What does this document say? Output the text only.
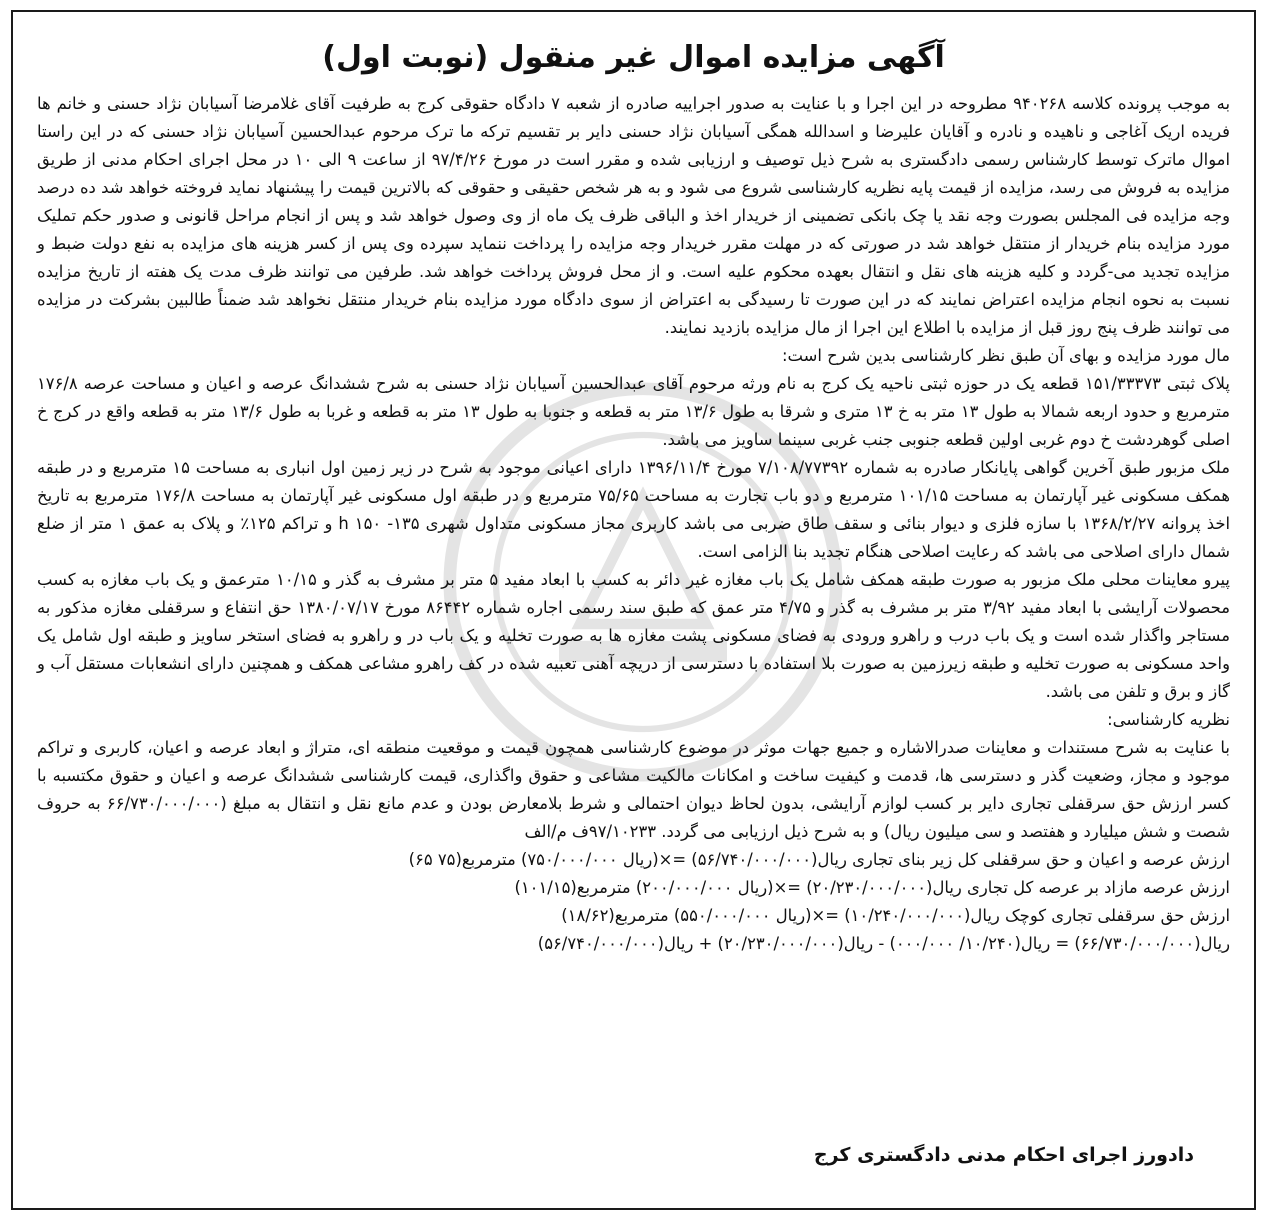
آگهی مزایده اموال غیر منقول (نوبت اول)

به موجب پرونده کلاسه ۹۴۰۲۶۸ مطروحه در این اجرا و با عنایت به صدور اجراییه صادره از شعبه ۷ دادگاه حقوقی کرج به طرفیت آقای غلامرضا آسیابان نژاد حسنی و خانم ها فریده اریک آغاجی و ناهیده و نادره و آقایان علیرضا و اسدالله همگی آسیابان نژاد حسنی دایر بر تقسیم ترکه ما ترک مرحوم عبدالحسین آسیابان نژاد حسنی که در این راستا اموال ماترک توسط کارشناس رسمی دادگستری به شرح ذیل توصیف و ارزیابی شده و مقرر است در مورخ ۹۷/۴/۲۶ از ساعت ۹ الی ۱۰ در محل اجرای احکام مدنی از طریق مزایده به فروش می رسد، مزایده از قیمت پایه نظریه کارشناسی شروع می شود و به هر شخص حقیقی و حقوقی که بالاترین قیمت را پیشنهاد نماید فروخته خواهد شد ده درصد وجه مزایده فی المجلس بصورت وجه نقد یا چک بانکی تضمینی از خریدار اخذ و الباقی ظرف یک ماه از وی وصول خواهد شد و پس از انجام مراحل قانونی و صدور حکم تملیک مورد مزایده بنام خریدار از منتقل خواهد شد در صورتی که در مهلت مقرر خریدار وجه مزایده را پرداخت ننماید سپرده وی پس از کسر هزینه های مزایده به نفع دولت ضبط و مزایده تجدید می-گردد و کلیه هزینه های نقل و انتقال بعهده محکوم علیه است. و از محل فروش پرداخت خواهد شد. طرفین می توانند ظرف مدت یک هفته از تاریخ مزایده نسبت به نحوه انجام مزایده اعتراض نمایند که در این صورت تا رسیدگی به اعتراض از سوی دادگاه مورد مزایده بنام خریدار منتقل نخواهد شد ضمناً طالبین بشرکت در مزایده می توانند ظرف پنج روز قبل از مزایده با اطلاع این اجرا از مال مزایده بازدید نمایند.

مال مورد مزایده و بهای آن طبق نظر کارشناسی بدین شرح است:

پلاک ثبتی ۱۵۱/۳۳۳۷۳ قطعه یک در حوزه ثبتی ناحیه یک کرج به نام ورثه مرحوم آقای عبدالحسین آسیابان نژاد حسنی به شرح ششدانگ عرصه و اعیان و مساحت عرصه ۱۷۶/۸ مترمربع و حدود اربعه شمالا به طول ۱۳ متر به خ ۱۳ متری و شرقا به طول ۱۳/۶ متر به قطعه و جنوبا به طول ۱۳ متر به قطعه و غربا به طول ۱۳/۶ متر به قطعه واقع در کرج خ اصلی گوهردشت خ دوم غربی اولین قطعه جنوبی جنب غربی سینما ساویز می باشد.

ملک مزبور طبق آخرین گواهی پایانکار صادره به شماره ۷/۱۰۸/۷۷۳۹۲ مورخ ۱۳۹۶/۱۱/۴ دارای اعیانی موجود به شرح در زیر زمین اول انباری به مساحت ۱۵ مترمربع و در طبقه همکف مسکونی غیر آپارتمان به مساحت ۱۰۱/۱۵ مترمربع و دو باب تجارت به مساحت ۷۵/۶۵ مترمربع و در طبقه اول مسکونی غیر آپارتمان به مساحت ۱۷۶/۸ مترمربع به تاریخ اخذ پروانه ۱۳۶۸/۲/۲۷ با سازه فلزی و دیوار بنائی و سقف طاق ضربی می باشد کاربری مجاز مسکونی متداول شهری ۱۳۵- h ۱۵۰ و تراکم ۱۲۵٪ و پلاک به عمق ۱ متر از ضلع شمال دارای اصلاحی می باشد که رعایت اصلاحی هنگام تجدید بنا الزامی است.

پیرو معاینات محلی ملک مزبور به صورت طبقه همکف شامل یک باب مغازه غیر دائر به کسب با ابعاد مفید ۵ متر بر مشرف به گذر و ۱۰/۱۵ مترعمق و یک باب مغازه به کسب محصولات آرایشی با ابعاد مفید ۳/۹۲ متر بر مشرف به گذر و ۴/۷۵ متر عمق که طبق سند رسمی اجاره شماره ۸۶۴۴۲ مورخ ۱۳۸۰/۰۷/۱۷ حق انتفاع و سرقفلی مغازه مذکور به مستاجر واگذار شده است و یک باب درب و راهرو ورودی به فضای مسکونی پشت مغازه ها به صورت تخلیه و یک باب در و راهرو به فضای استخر ساویز و طبقه اول شامل یک واحد مسکونی به صورت تخلیه و طبقه زیرزمین به صورت بلا استفاده با دسترسی از دریچه آهنی تعبیه شده در کف راهرو مشاعی همکف و همچنین دارای انشعابات مستقل آب و گاز و برق و تلفن می باشد.

نظریه کارشناسی:

با عنایت به شرح مستندات و معاینات صدرالاشاره و جمیع جهات موثر در موضوع کارشناسی همچون قیمت و موقعیت منطقه ای، متراژ و ابعاد عرصه و اعیان، کاربری و تراکم موجود و مجاز، وضعیت گذر و دسترسی ها، قدمت و کیفیت ساخت و امکانات مالکیت مشاعی و حقوق واگذاری، قیمت کارشناسی ششدانگ عرصه و اعیان و حقوق مکتسبه با کسر ارزش حق سرقفلی تجاری دایر بر کسب لوازم آرایشی، بدون لحاظ دیوان احتمالی و شرط بلامعارض بودن و عدم مانع نقل و انتقال به مبلغ (۶۶/۷۳۰/۰۰۰/۰۰۰ به حروف شصت و شش میلیارد و هفتصد و سی میلیون ریال) و به شرح ذیل ارزیابی می گردد. ۹۷/۱۰۲۳۳ف م/الف

ارزش عرصه و اعیان و حق سرقفلی کل زیر بنای تجاری ریال(۵۶/۷۴۰/۰۰۰/۰۰۰) =×(ریال ۷۵۰/۰۰۰/۰۰۰) مترمربع(۷۵ ۶۵)

ارزش عرصه مازاد بر عرصه کل تجاری ریال(۲۰/۲۳۰/۰۰۰/۰۰۰) =×(ریال ۲۰۰/۰۰۰/۰۰۰) مترمربع(۱۰۱/۱۵)

ارزش حق سرقفلی تجاری کوچک ریال(۱۰/۲۴۰/۰۰۰/۰۰۰) =×(ریال ۵۵۰/۰۰۰/۰۰۰) مترمربع(۱۸/۶۲)

ریال(۶۶/۷۳۰/۰۰۰/۰۰۰) = ریال(۱۰/۲۴۰/ ۰۰۰/۰۰۰) - ریال(۲۰/۲۳۰/۰۰۰/۰۰۰) + ریال(۵۶/۷۴۰/۰۰۰/۰۰۰)

دادورز اجرای احکام مدنی دادگستری کرج
